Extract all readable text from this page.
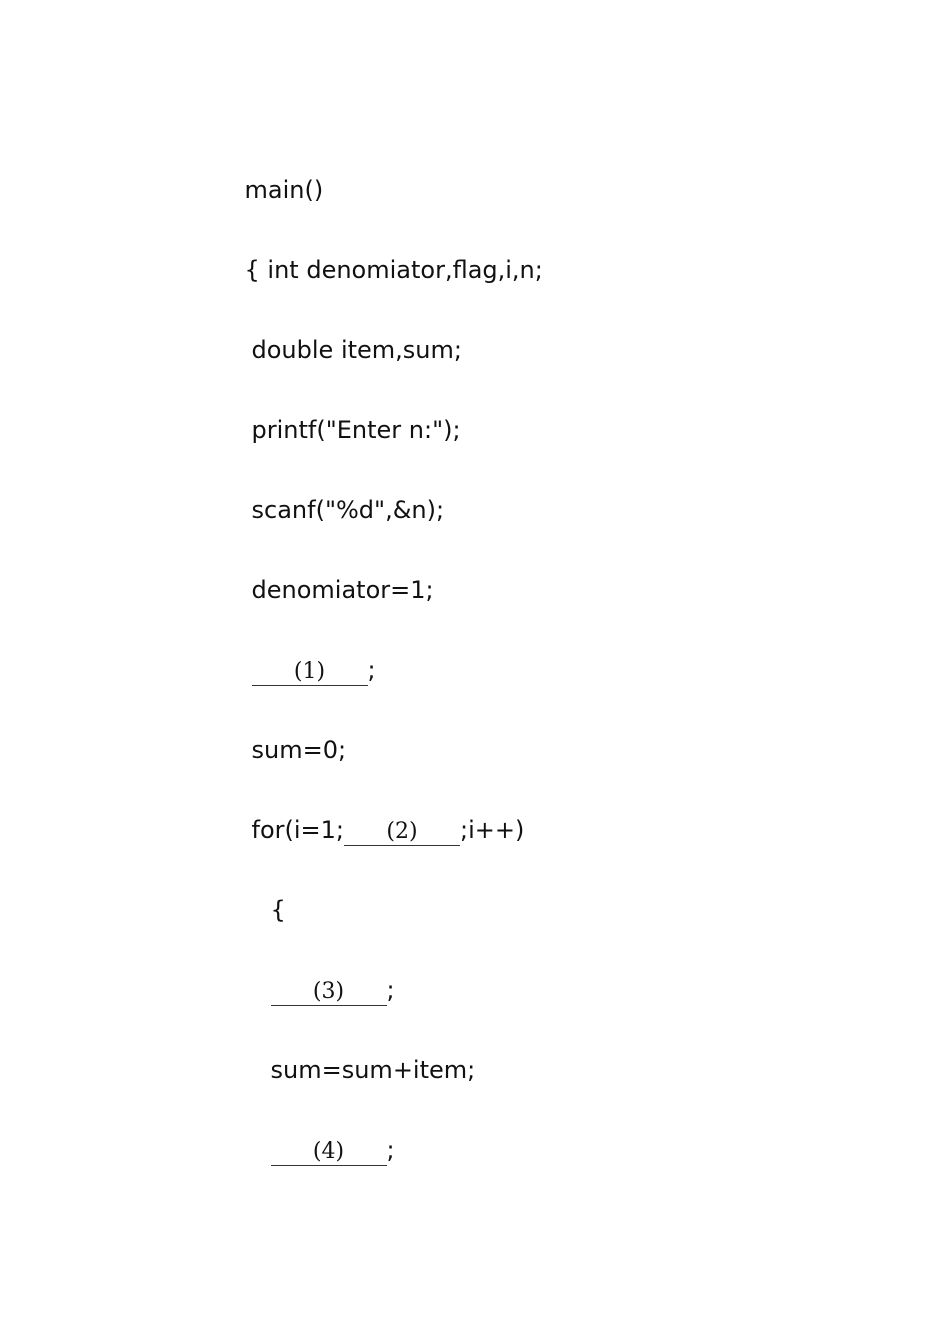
main()

{ int denomiator,flag,i,n;

double item,sum;

printf("Enter n:");

scanf("%d",&n);

denomiator=1;

(1) ;

sum=0;

for(i=1; (2) ;i++)

{

(3) ;

sum=sum+item;

(4) ;
